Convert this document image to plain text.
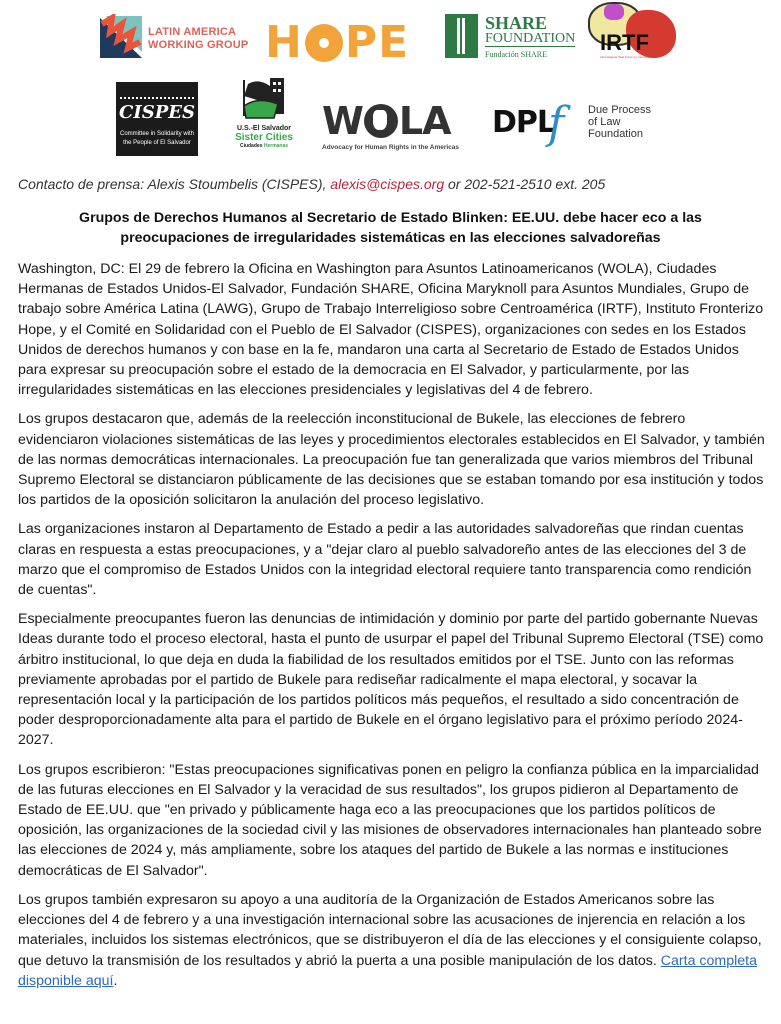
LATIN AMERICA
WORKING GROUP H PE	SHARE
FOUNDATION
Fundación SHARE IRTF
Interreligious Task Force on Central America
CISPES
Committee in Solidarity with the People of El Salvador
U.S.-El Salvador
Sister Cities
Ciudades Hermanas
W LA
Advocacy for Human Rights in the Americas
DPL
f Due Process
of Law
Foundation
Contacto de prensa: Alexis Stoumbelis (CISPES), alexis@cispes.org or 202-521-2510 ext. 205
Grupos de Derechos Humanos al Secretario de Estado Blinken: EE.UU. debe hacer eco a las preocupaciones de irregularidades sistemáticas en las elecciones salvadoreñas

Washington, DC: El 29 de febrero la Oficina en Washington para Asuntos Latinoamericanos (WOLA), Ciudades Hermanas de Estados Unidos-El Salvador, Fundación SHARE, Oficina Maryknoll para Asuntos Mundiales, Grupo de trabajo sobre América Latina (LAWG), Grupo de Trabajo Interreligioso sobre Centroamérica (IRTF), Instituto Fronterizo Hope, y el Comité en Solidaridad con el Pueblo de El Salvador (CISPES), organizaciones con sedes en los Estados Unidos de derechos humanos y con base en la fe, mandaron una carta al Secretario de Estado de Estados Unidos para expresar su preocupación sobre el estado de la democracia en El Salvador, y particularmente, por las irregularidades sistemáticas en las elecciones presidenciales y legislativas del 4 de febrero.

Los grupos destacaron que, además de la reelección inconstitucional de Bukele, las elecciones de febrero evidenciaron violaciones sistemáticas de las leyes y procedimientos electorales establecidos en El Salvador, y también de las normas democráticas internacionales. La preocupación fue tan generalizada que varios miembros del Tribunal Supremo Electoral se distanciaron públicamente de las decisiones que se estaban tomando por esa institución y todos los partidos de la oposición solicitaron la anulación del proceso legislativo.

Las organizaciones instaron al Departamento de Estado a pedir a las autoridades salvadoreñas que rindan cuentas claras en respuesta a estas preocupaciones, y a "dejar claro al pueblo salvadoreño antes de las elecciones del 3 de marzo que el compromiso de Estados Unidos con la integridad electoral requiere tanto transparencia como rendición de cuentas".

Especialmente preocupantes fueron las denuncias de intimidación y dominio por parte del partido gobernante Nuevas Ideas durante todo el proceso electoral, hasta el punto de usurpar el papel del Tribunal Supremo Electoral (TSE) como árbitro institucional, lo que deja en duda la fiabilidad de los resultados emitidos por el TSE. Junto con las reformas previamente aprobadas por el partido de Bukele para rediseñar radicalmente el mapa electoral, y socavar la representación local y la participación de los partidos políticos más pequeños, el resultado a sido concentración de poder desproporcionadamente alta para el partido de Bukele en el órgano legislativo para el próximo período 2024-2027.

Los grupos escribieron: "Estas preocupaciones significativas ponen en peligro la confianza pública en la imparcialidad de las futuras elecciones en El Salvador y la veracidad de sus resultados", los grupos pidieron al Departamento de Estado de EE.UU. que "en privado y públicamente haga eco a las preocupaciones que los partidos políticos de oposición, las organizaciones de la sociedad civil y las misiones de observadores internacionales han planteado sobre las elecciones de 2024 y, más ampliamente, sobre los ataques del partido de Bukele a las normas e instituciones democráticas de El Salvador".

Los grupos también expresaron su apoyo a una auditoría de la Organización de Estados Americanos sobre las elecciones del 4 de febrero y a una investigación internacional sobre las acusaciones de injerencia en relación a los materiales, incluidos los sistemas electrónicos, que se distribuyeron el día de las elecciones y el consiguiente colapso, que detuvo la transmisión de los resultados y abrió la puerta a una posible manipulación de los datos. Carta completa disponible aquí.
